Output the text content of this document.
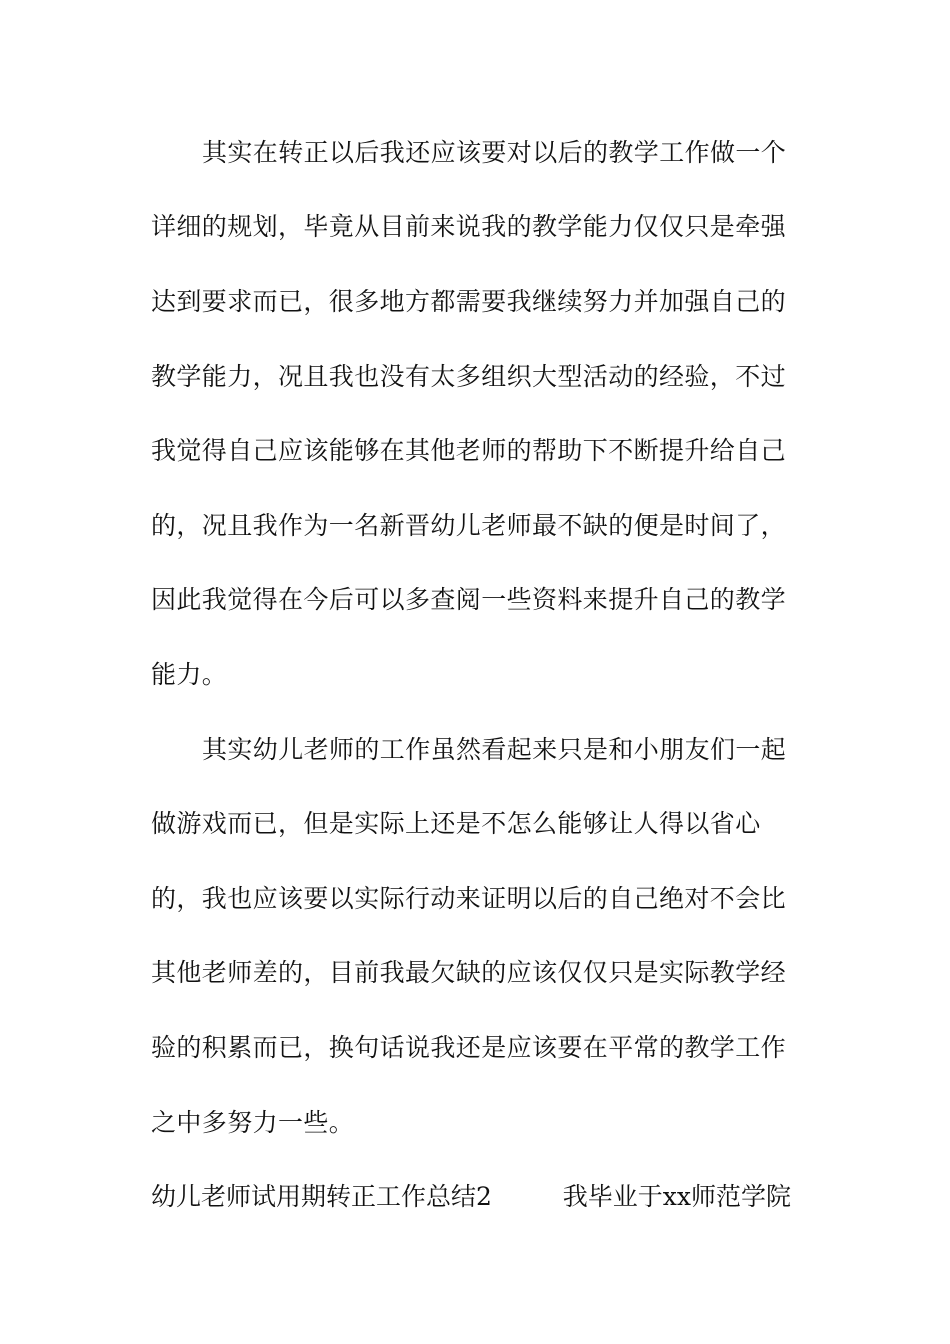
其实在转正以后我还应该要对以后的教学工作做一个
详细的规划，毕竟从目前来说我的教学能力仅仅只是牵强
达到要求而已，很多地方都需要我继续努力并加强自己的
教学能力，况且我也没有太多组织大型活动的经验，不过
我觉得自己应该能够在其他老师的帮助下不断提升给自己
的，况且我作为一名新晋幼儿老师最不缺的便是时间了，
因此我觉得在今后可以多查阅一些资料来提升自己的教学
能力。
其实幼儿老师的工作虽然看起来只是和小朋友们一起
做游戏而已，但是实际上还是不怎么能够让人得以省心
的，我也应该要以实际行动来证明以后的自己绝对不会比
其他老师差的，目前我最欠缺的应该仅仅只是实际教学经
验的积累而已，换句话说我还是应该要在平常的教学工作
之中多努力一些。
幼儿老师试用期转正工作总结2	我毕业于xx师范学院
